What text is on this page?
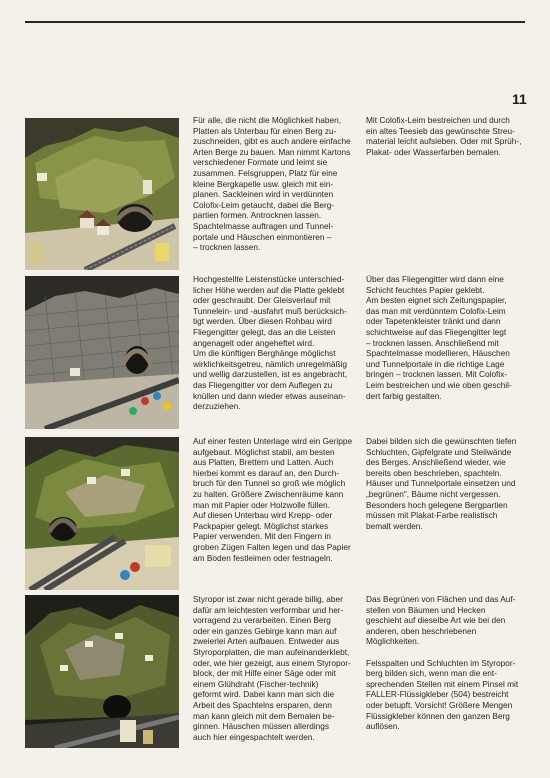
11

Für alle, die nicht die Möglichkeit haben,
Platten als Unterbau für einen Berg zu-
zuschneiden, gibt es auch andere einfache
Arten Berge zu bauen. Man nimmt Kartons
verschiedener Formate und leimt sie
zusammen. Felsgruppen, Platz für eine
kleine Bergkapelle usw. gleich mit ein-
planen. Sackleinen wird in verdünnten
Colofix-Leim getaucht, dabei die Berg-
partien formen. Antrocknen lassen.
Spachtelmasse auftragen und Tunnel-
portale und Häuschen einmontieren –
– trocknen lassen.

Mit Colofix-Leim bestreichen und durch
ein altes Teesieb das gewünschte Streu-
material leicht aufsieben. Oder mit Sprüh-,
Plakat- oder Wasserfarben bemalen.

Hochgestellte Leistenstücke unterschied-
licher Höhe werden auf die Platte geklebt
oder geschraubt. Der Gleisverlauf mit
Tunnelein- und -ausfahrt muß berücksich-
tigt werden. Über diesen Rohbau wird
Fliegengitter gelegt, das an die Leisten
angenagelt oder angeheftet wird.
Um die künftigen Berghänge möglichst
wirklichkeitsgetreu, nämlich unregelmäßig
und wellig darzustellen, ist es angebracht,
das Fliegengitter vor dem Auflegen zu
knüllen und dann wieder etwas auseinan-
derzuziehen.

Über das Fliegengitter wird dann eine
Schicht feuchtes Papier geklebt.
Am besten eignet sich Zeitungspapier,
das man mit verdünntem Colofix-Leim
oder Tapetenkleister tränkt und dann
schichtweise auf das Fliegengitter legt
– trocknen lassen. Anschließend mit
Spachtelmasse modellieren, Häuschen
und Tunnelportale in die richtige Lage
bringen – trocknen lassen. Mit Colofix-
Leim bestreichen und wie oben geschil-
dert farbig gestalten.

Auf einer festen Unterlage wird ein Gerippe
aufgebaut. Möglichst stabil, am besten
aus Platten, Brettern und Latten. Auch
hierbei kommt es darauf an, den Durch-
bruch für den Tunnel so groß wie möglich
zu halten. Größere Zwischenräume kann
man mit Papier oder Holzwolle füllen.
Auf diesen Unterbau wird Krepp- oder
Packpapier gelegt. Möglichst starkes
Papier verwenden. Mit den Fingern in
groben Zügen Falten legen und das Papier
am Boden festleimen oder festnageln.

Dabei bilden sich die gewünschten tiefen
Schluchten, Gipfelgrate und Steilwände
des Berges. Anschließend wieder, wie
bereits oben beschrieben, spachteln.
Häuser und Tunnelportale einsetzen und
„begrünen", Bäume nicht vergessen.
Besonders hoch gelegene Bergpartien
müssen mit Plakat-Farbe realistisch
bemalt werden.

Styropor ist zwar nicht gerade billig, aber
dafür am leichtesten verformbar und her-
vorragend zu verarbeiten. Einen Berg
oder ein ganzes Gebirge kann man auf
zweierlei Arten aufbauen. Entweder aus
Styroporplatten, die man aufeinanderklebt,
oder, wie hier gezeigt, aus einem Styropor-
block, der mit Hilfe einer Säge oder mit
einem Glühdraht (Fischer-technik)
geformt wird. Dabei kann man sich die
Arbeit des Spachtelns ersparen, denn
man kann gleich mit dem Bemalen be-
ginnen. Häuschen müssen allerdings
auch hier eingespachtelt werden.

Das Begrünen von Flächen und das Auf-
stellen von Bäumen und Hecken
geschieht auf dieselbe Art wie bei den
anderen, oben beschriebenen
Möglichkeiten.

Felsspalten und Schluchten im Styropor-
berg bilden sich, wenn man die ent-
sprechenden Stellen mit einem Pinsel mit
FALLER-Flüssigkleber (504) bestreicht
oder betupft. Vorsicht! Größere Mengen
Flüssigkleber können den ganzen Berg
auflösen.
